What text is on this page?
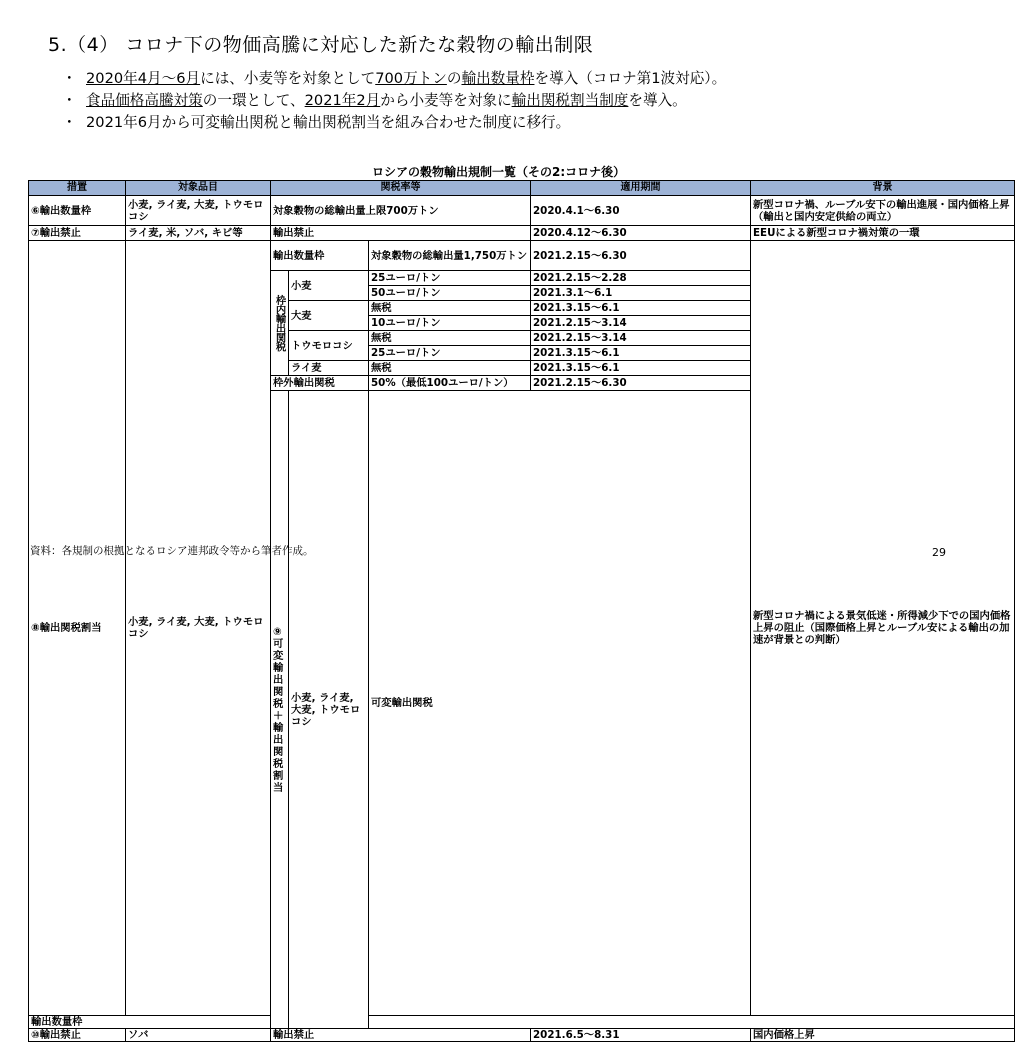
5.（4） コロナ下の物価高騰に対応した新たな穀物の輸出制限
・ 2020年4月～6月には、小麦等を対象として700万トンの輸出数量枠を導入（コロナ第1波対応）。
・ 食品価格高騰対策の一環として、2021年2月から小麦等を対象に輸出関税割当制度を導入。
・ 2021年6月から可変輸出関税と輸出関税割当を組み合わせた制度に移行。
ロシアの穀物輸出規制一覧（その2:コロナ後）
措置	対象品目	関税率等			適用期間	背景	
⑥輸出数量枠	小麦, ライ麦, 大麦, トウモロコシ	対象穀物の総輸出量上限700万トン			2020.4.1～6.30	新型コロナ禍、ルーブル安下の輸出進展・国内価格上昇（輸出と国内安定供給の両立）	
⑦輸出禁止	ライ麦, 米, ソバ, キビ等	輸出禁止			2020.4.12～6.30	EEUによる新型コロナ禍対策の一環	
⑧輸出関税割当	小麦, ライ麦, 大麦, トウモロコシ	輸出数量枠		対象穀物の総輸出量1,750万トン	2021.2.15～6.30	新型コロナ禍による景気低迷・所得減少下での国内価格上昇の阻止（国際価格上昇とルーブル安による輸出の加速が背景との判断）	
		枠内輸出関税	小麦	25ユーロ/トン	2021.2.15～2.28		
				50ユーロ/トン	2021.3.1～6.1		
			大麦	無税	2021.3.15～6.1		
				10ユーロ/トン	2021.2.15～3.14		
			トウモロコシ	無税	2021.2.15～3.14		
				25ユーロ/トン	2021.3.15～6.1		
			ライ麦	無税	2021.3.15～6.1		
		枠外輸出関税		50%（最低100ユーロ/トン）	2021.2.15～6.30		
		⑨可変輸出関税＋輸出関税割当	小麦, ライ麦, 大麦, トウモロコシ	可変輸出関税			
輸出数量枠							
⑩輸出禁止	ソバ	輸出禁止			2021.6.5～8.31	国内価格上昇	
資料：各規制の根拠となるロシア連邦政令等から筆者作成。	29
